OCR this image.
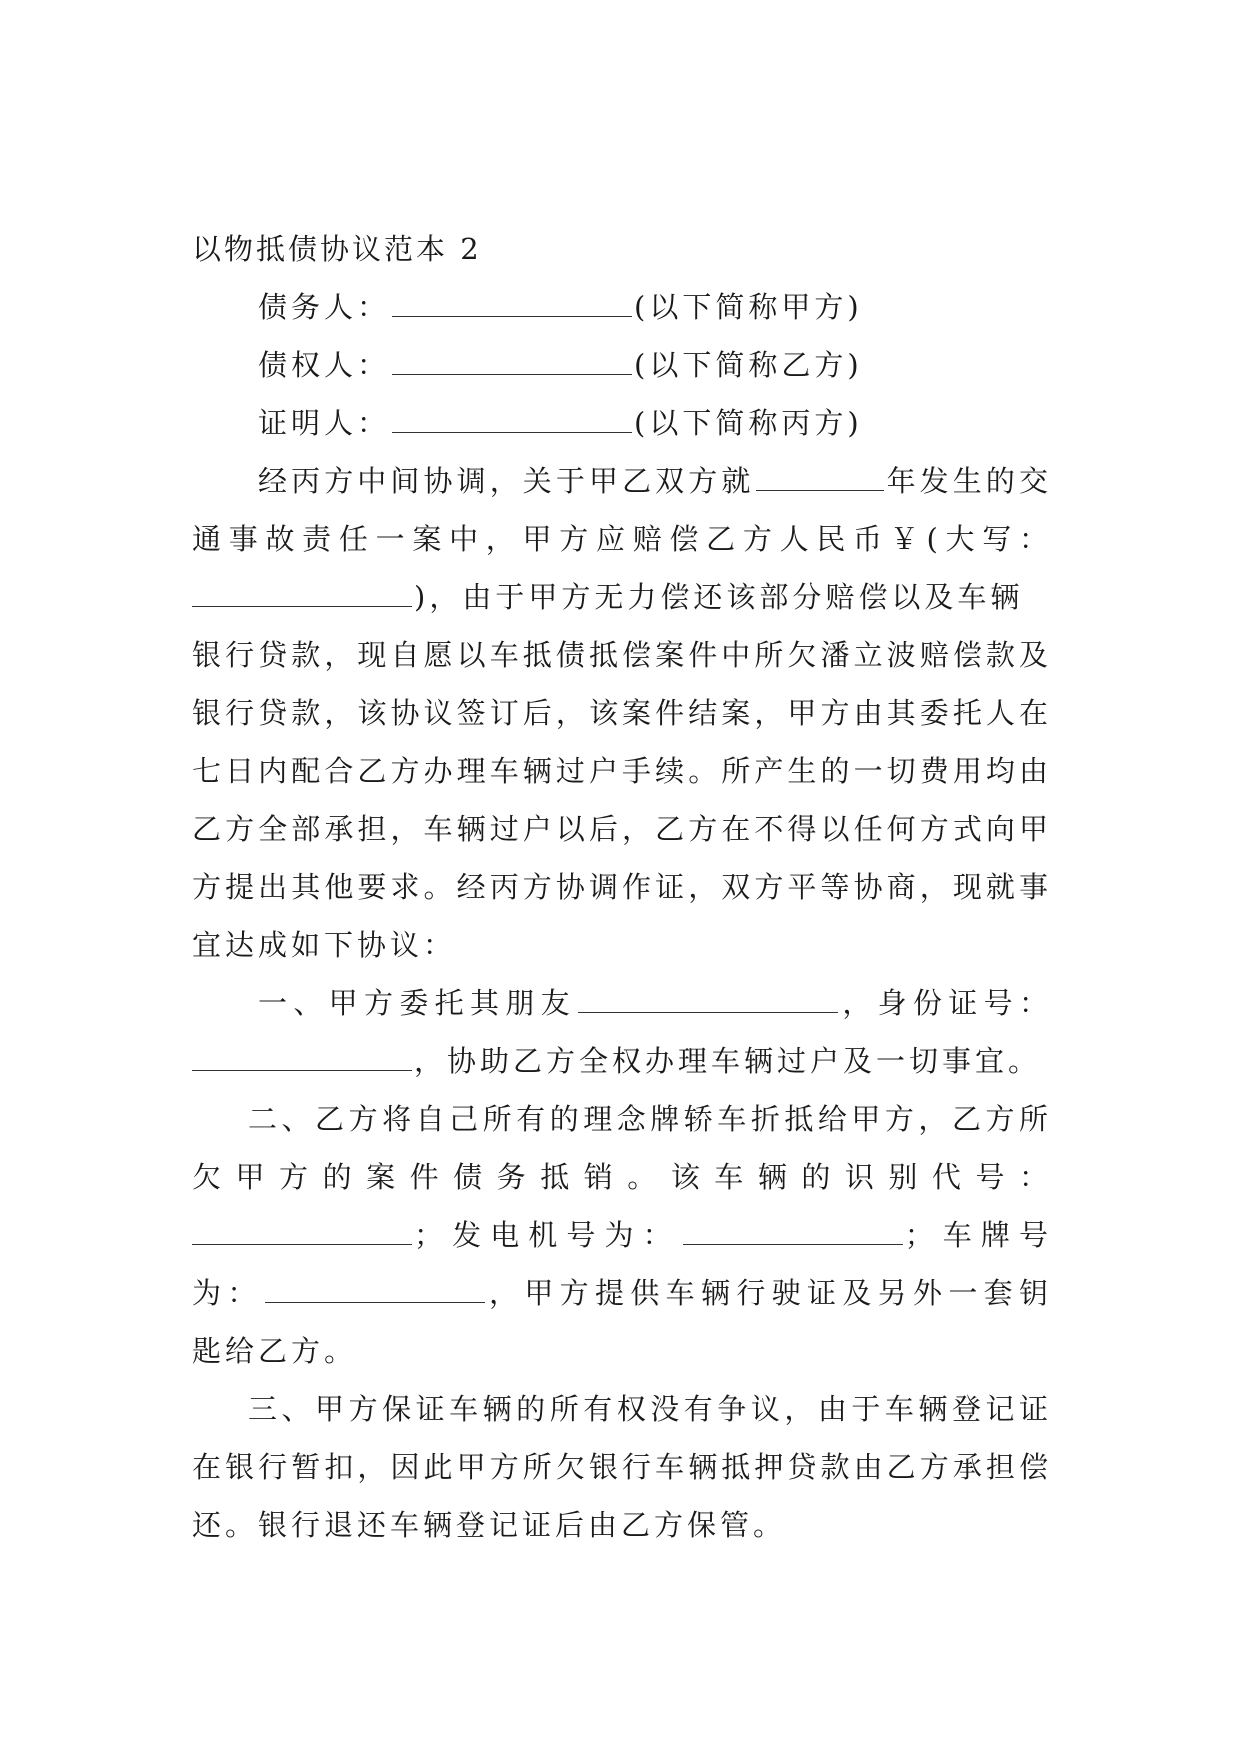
以物抵债协议范本 2
债务人：	(以下简称甲方)
债权人：	(以下简称乙方)
证明人：	(以下简称丙方)
经丙方中间协调，关于甲乙双方就	年发生的交
通事故责任一案中，甲方应赔偿乙方人民币￥(大写：
)，由于甲方无力偿还该部分赔偿以及车辆
银行贷款，现自愿以车抵债抵偿案件中所欠潘立波赔偿款及
银行贷款，该协议签订后，该案件结案，甲方由其委托人在
七日内配合乙方办理车辆过户手续。所产生的一切费用均由
乙方全部承担，车辆过户以后，乙方在不得以任何方式向甲
方提出其他要求。经丙方协调作证，双方平等协商，现就事
宜达成如下协议：
一、甲方委托其朋友	，身份证号：
，协助乙方全权办理车辆过户及一切事宜。
二、乙方将自己所有的理念牌轿车折抵给甲方，乙方所
欠甲方的案件债务抵销。该车辆的识别代号：
；发电机号为：	；车牌号
为：	，甲方提供车辆行驶证及另外一套钥
匙给乙方。
三、甲方保证车辆的所有权没有争议，由于车辆登记证
在银行暂扣，因此甲方所欠银行车辆抵押贷款由乙方承担偿
还。银行退还车辆登记证后由乙方保管。
